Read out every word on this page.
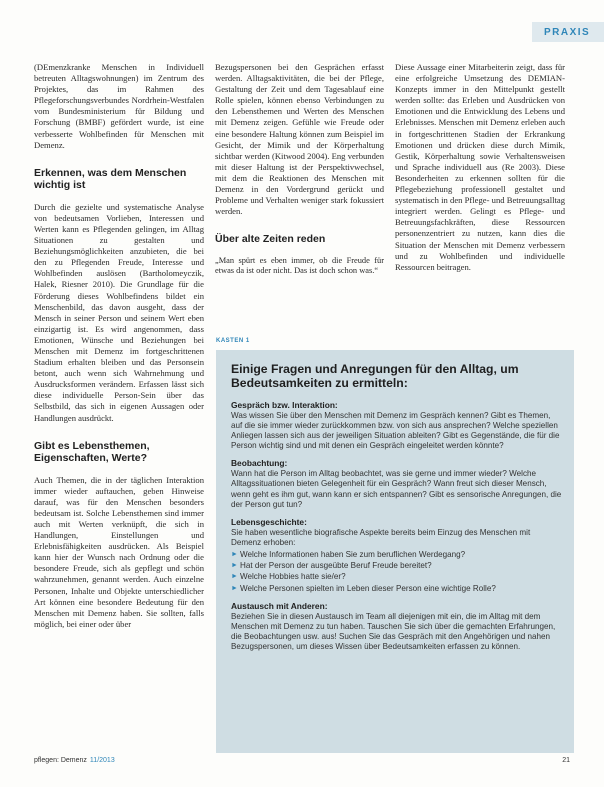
PRAXIS

(DEmenzkranke Menschen in Individuell betreuten Alltagswohnungen) im Zentrum des Projektes, das im Rahmen des Pflegeforschungsverbundes Nordrhein-Westfalen vom Bundesministerium für Bildung und Forschung (BMBF) gefördert wurde, ist eine verbesserte Wohlbefinden für Menschen mit Demenz.

Erkennen, was dem Menschen wichtig ist

Durch die gezielte und systematische Analyse von bedeutsamen Vorlieben, Interessen und Werten kann es Pflegenden gelingen, im Alltag Situationen zu gestalten und Beziehungsmöglichkeiten anzubieten, die bei den zu Pflegenden Freude, Interesse und Wohlbefinden auslösen (Bartholomeyczik, Halek, Riesner 2010). Die Grundlage für die Förderung dieses Wohlbefindens bildet ein Menschenbild, das davon ausgeht, dass der Mensch in seiner Person und seinem Wert eben einzigartig ist. Es wird angenommen, dass Emotionen, Wünsche und Beziehungen bei Menschen mit Demenz im fortgeschrittenen Stadium erhalten bleiben und das Personsein betont, auch wenn sich Wahrnehmung und Ausdrucksformen verändern. Erfassen lässt sich diese individuelle Person-Sein über das Selbstbild, das sich in eigenen Aussagen oder Handlungen ausdrückt.

Gibt es Lebensthemen, Eigenschaften, Werte?

Auch Themen, die in der täglichen Interaktion immer wieder auftauchen, geben Hinweise darauf, was für den Menschen besonders bedeutsam ist. Solche Lebensthemen sind immer auch mit Werten verknüpft, die sich in Handlungen, Einstellungen und Erlebnisfähigkeiten ausdrücken. Als Beispiel kann hier der Wunsch nach Ordnung oder die besondere Freude, sich als gepflegt und schön wahrzunehmen, genannt werden. Auch einzelne Personen, Inhalte und Objekte unterschiedlicher Art können eine besondere Bedeutung für den Menschen mit Demenz haben. Sie sollten, falls möglich, bei einer oder über

Bezugspersonen bei den Gesprächen erfasst werden. Alltagsaktivitäten, die bei der Pflege, Gestaltung der Zeit und dem Tagesablauf eine Rolle spielen, können ebenso Verbindungen zu den Lebensthemen und Werten des Menschen mit Demenz zeigen. Gefühle wie Freude oder eine besondere Haltung können zum Beispiel im Gesicht, der Mimik und der Körperhaltung sichtbar werden (Kitwood 2004). Eng verbunden mit dieser Haltung ist der Perspektivwechsel, mit dem die Reaktionen des Menschen mit Demenz in den Vordergrund gerückt und Probleme und Verhalten weniger stark fokussiert werden.

Über alte Zeiten reden

„Man spürt es eben immer, ob die Freude für etwas da ist oder nicht. Das ist doch schon was.“

Diese Aussage einer Mitarbeiterin zeigt, dass für eine erfolgreiche Umsetzung des DEMIAN-Konzepts immer in den Mittelpunkt gestellt werden sollte: das Erleben und Ausdrücken von Emotionen und die Entwicklung des Lebens und Erlebnisses. Menschen mit Demenz erleben auch in fortgeschrittenen Stadien der Erkrankung Emotionen und drücken diese durch Mimik, Gestik, Körperhaltung sowie Verhaltensweisen und Sprache individuell aus (Re 2003). Diese Besonderheiten zu erkennen sollten für die Pflegebeziehung professionell gestaltet und systematisch in den Pflege- und Betreuungsalltag integriert werden. Gelingt es Pflege- und Betreuungsfachkräften, diese Ressourcen personenzentriert zu nutzen, kann dies die Situation der Menschen mit Demenz verbessern und zu Wohlbefinden und individuelle Ressourcen beitragen.

KASTEN 1
Einige Fragen und Anregungen für den Alltag, um Bedeutsamkeiten zu ermitteln:
Gespräch bzw. Interaktion:

Was wissen Sie über den Menschen mit Demenz im Gespräch kennen? Gibt es Themen, auf die sie immer wieder zurückkommen bzw. von sich aus ansprechen? Welche speziellen Anliegen lassen sich aus der jeweiligen Situation ableiten? Gibt es Gegenstände, die für die Person wichtig sind und mit denen ein Gespräch eingeleitet werden könnte?

Beobachtung:

Wann hat die Person im Alltag beobachtet, was sie gerne und immer wieder? Welche Alltagssituationen bieten Gelegenheit für ein Gespräch? Wann freut sich dieser Mensch, wenn geht es ihm gut, wann kann er sich entspannen? Gibt es sensorische Anregungen, die der Person gut tun?

Lebensgeschichte:

Sie haben wesentliche biografische Aspekte bereits beim Einzug des Menschen mit Demenz erhoben:

► Welche Informationen haben Sie zum beruflichen Werdegang?
► Hat der Person der ausgeübte Beruf Freude bereitet?
► Welche Hobbies hatte sie/er?
► Welche Personen spielten im Leben dieser Person eine wichtige Rolle?
Austausch mit Anderen:

Beziehen Sie in diesen Austausch im Team all diejenigen mit ein, die im Alltag mit dem Menschen mit Demenz zu tun haben. Tauschen Sie sich über die gemachten Erfahrungen, die Beobachtungen usw. aus! Suchen Sie das Gespräch mit den Angehörigen und nahen Bezugspersonen, um dieses Wissen über Bedeutsamkeiten erfassen zu können.

pflegen: Demenz 11/2013	21
